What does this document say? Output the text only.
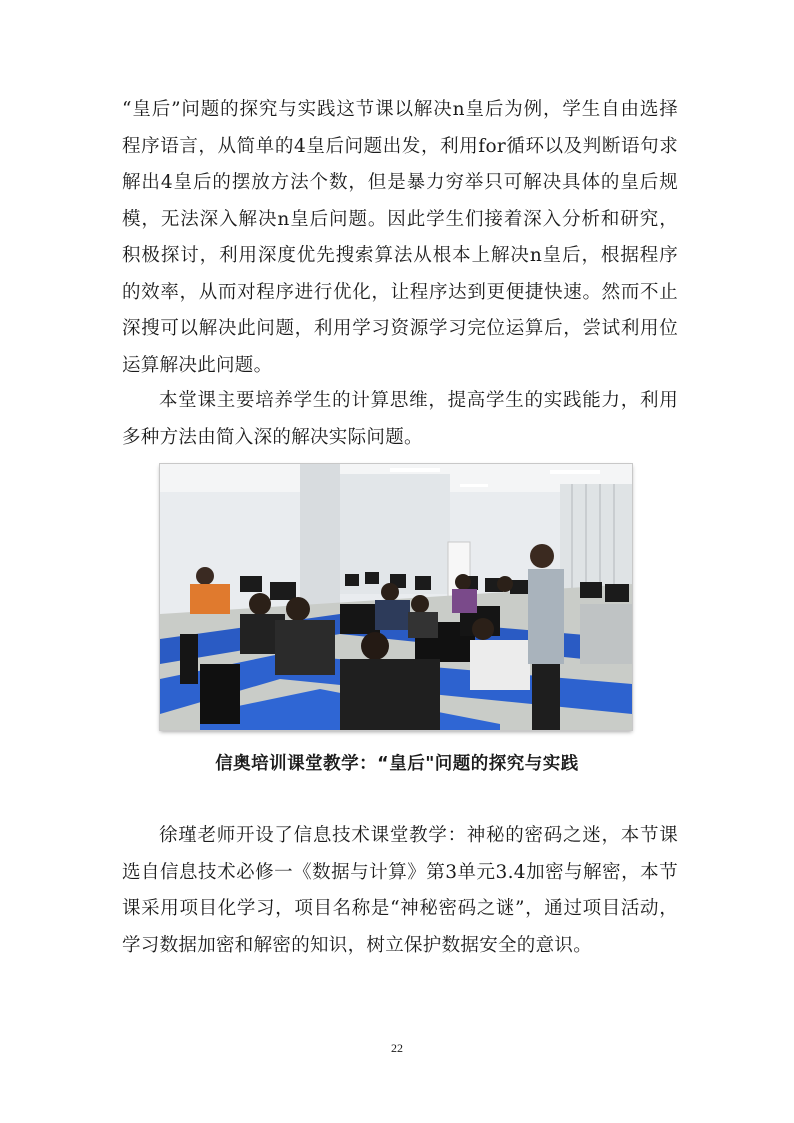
“皇后”问题的探究与实践这节课以解决n皇后为例，学生自由选择程序语言，从简单的4皇后问题出发，利用for循环以及判断语句求解出4皇后的摆放方法个数，但是暴力穷举只可解决具体的皇后规模，无法深入解决n皇后问题。因此学生们接着深入分析和研究，积极探讨，利用深度优先搜索算法从根本上解决n皇后，根据程序的效率，从而对程序进行优化，让程序达到更便捷快速。然而不止深搜可以解决此问题，利用学习资源学习完位运算后，尝试利用位运算解决此问题。

本堂课主要培养学生的计算思维，提高学生的实践能力，利用多种方法由简入深的解决实际问题。

信奥培训课堂教学：“皇后"问题的探究与实践

徐瑾老师开设了信息技术课堂教学：神秘的密码之迷，本节课选自信息技术必修一《数据与计算》第3单元3.4加密与解密，本节课采用项目化学习，项目名称是“神秘密码之谜”，通过项目活动，学习数据加密和解密的知识，树立保护数据安全的意识。

22
